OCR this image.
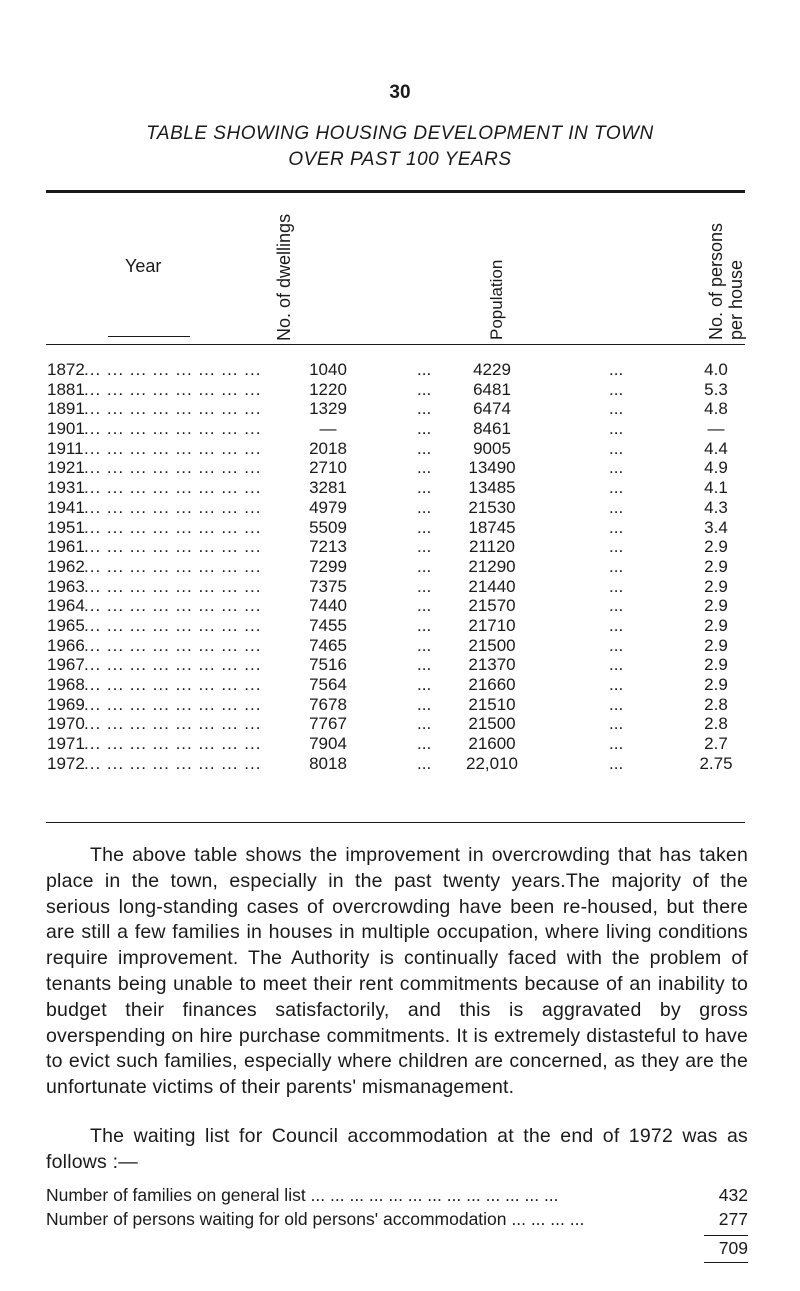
30
TABLE SHOWING HOUSING DEVELOPMENT IN TOWN
OVER PAST 100 YEARS
Year	No. of dwellings	Population	No. of persons
per house
1872 ... ... ... ... ... ... ... ...	1040	...	4229	...	4.0
1881 ... ... ... ... ... ... ... ...	1220	...	6481	...	5.3
1891 ... ... ... ... ... ... ... ...	1329	...	6474	...	4.8
1901 ... ... ... ... ... ... ... ...	—	...	8461	...	—
1911 ... ... ... ... ... ... ... ...	2018	...	9005	...	4.4
1921 ... ... ... ... ... ... ... ...	2710	...	13490	...	4.9
1931 ... ... ... ... ... ... ... ...	3281	...	13485	...	4.1
1941 ... ... ... ... ... ... ... ...	4979	...	21530	...	4.3
1951 ... ... ... ... ... ... ... ...	5509	...	18745	...	3.4
1961 ... ... ... ... ... ... ... ...	7213	...	21120	...	2.9
1962 ... ... ... ... ... ... ... ...	7299	...	21290	...	2.9
1963 ... ... ... ... ... ... ... ...	7375	...	21440	...	2.9
1964 ... ... ... ... ... ... ... ...	7440	...	21570	...	2.9
1965 ... ... ... ... ... ... ... ...	7455	...	21710	...	2.9
1966 ... ... ... ... ... ... ... ...	7465	...	21500	...	2.9
1967 ... ... ... ... ... ... ... ...	7516	...	21370	...	2.9
1968 ... ... ... ... ... ... ... ...	7564	...	21660	...	2.9
1969 ... ... ... ... ... ... ... ...	7678	...	21510	...	2.8
1970 ... ... ... ... ... ... ... ...	7767	...	21500	...	2.8
1971 ... ... ... ... ... ... ... ...	7904	...	21600	...	2.7
1972 ... ... ... ... ... ... ... ...	8018	...	22,010	...	2.75
The above table shows the improvement in overcrowding that has taken place in the town, especially in the past twenty years.The majority of the serious long-standing cases of overcrowding have been re-housed, but there are still a few families in houses in multiple occupation, where living conditions require improvement. The Authority is continually faced with the problem of tenants being unable to meet their rent commitments because of an inability to budget their finances satisfactorily, and this is aggravated by gross overspending on hire purchase commitments. It is extremely distasteful to have to evict such families, especially where children are concerned, as they are the unfortunate victims of their parents' mismanagement.
The waiting list for Council accommodation at the end of 1972 was as follows :—
Number of families on general list ... ... ... ... ... ... ... ... ... ... ... ... ...	432
Number of persons waiting for old persons' accommodation ... ... ... ...	277
709
